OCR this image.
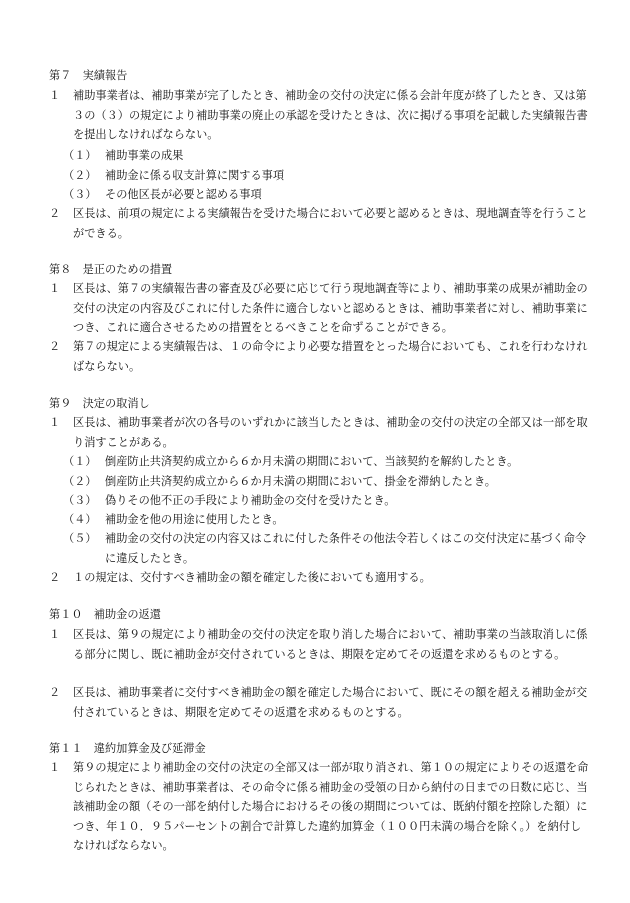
第７　実績報告
１ 補助事業者は、補助事業が完了したとき、補助金の交付の決定に係る会計年度が終了したとき、又は第３の（３）の規定により補助事業の廃止の承認を受けたときは、次に掲げる事項を記載した実績報告書を提出しなければならない。
（１） 補助事業の成果
（２） 補助金に係る収支計算に関する事項
（３） その他区長が必要と認める事項
２ 区長は、前項の規定による実績報告を受けた場合において必要と認めるときは、現地調査等を行うことができる。
第８　是正のための措置
１ 区長は、第７の実績報告書の審査及び必要に応じて行う現地調査等により、補助事業の成果が補助金の交付の決定の内容及びこれに付した条件に適合しないと認めるときは、補助事業者に対し、補助事業につき、これに適合させるための措置をとるべきことを命ずることができる。
２ 第７の規定による実績報告は、１の命令により必要な措置をとった場合においても、これを行わなければならない。
第９　決定の取消し
１ 区長は、補助事業者が次の各号のいずれかに該当したときは、補助金の交付の決定の全部又は一部を取り消すことがある。
（１） 倒産防止共済契約成立から６か月未満の期間において、当該契約を解約したとき。
（２） 倒産防止共済契約成立から６か月未満の期間において、掛金を滞納したとき。
（３） 偽りその他不正の手段により補助金の交付を受けたとき。
（４） 補助金を他の用途に使用したとき。
（５） 補助金の交付の決定の内容又はこれに付した条件その他法令若しくはこの交付決定に基づく命令に違反したとき。
２ １の規定は、交付すべき補助金の額を確定した後においても適用する。
第１０　補助金の返還
１ 区長は、第９の規定により補助金の交付の決定を取り消した場合において、補助事業の当該取消しに係る部分に関し、既に補助金が交付されているときは、期限を定めてその返還を求めるものとする。
２ 区長は、補助事業者に交付すべき補助金の額を確定した場合において、既にその額を超える補助金が交付されているときは、期限を定めてその返還を求めるものとする。
第１１　違約加算金及び延滞金
１ 第９の規定により補助金の交付の決定の全部又は一部が取り消され、第１０の規定によりその返還を命じられたときは、補助事業者は、その命令に係る補助金の受領の日から納付の日までの日数に応じ、当該補助金の額（その一部を納付した場合におけるその後の期間については、既納付額を控除した額）につき、年１０．９５パーセントの割合で計算した違約加算金（１００円未満の場合を除く。）を納付しなければならない。
